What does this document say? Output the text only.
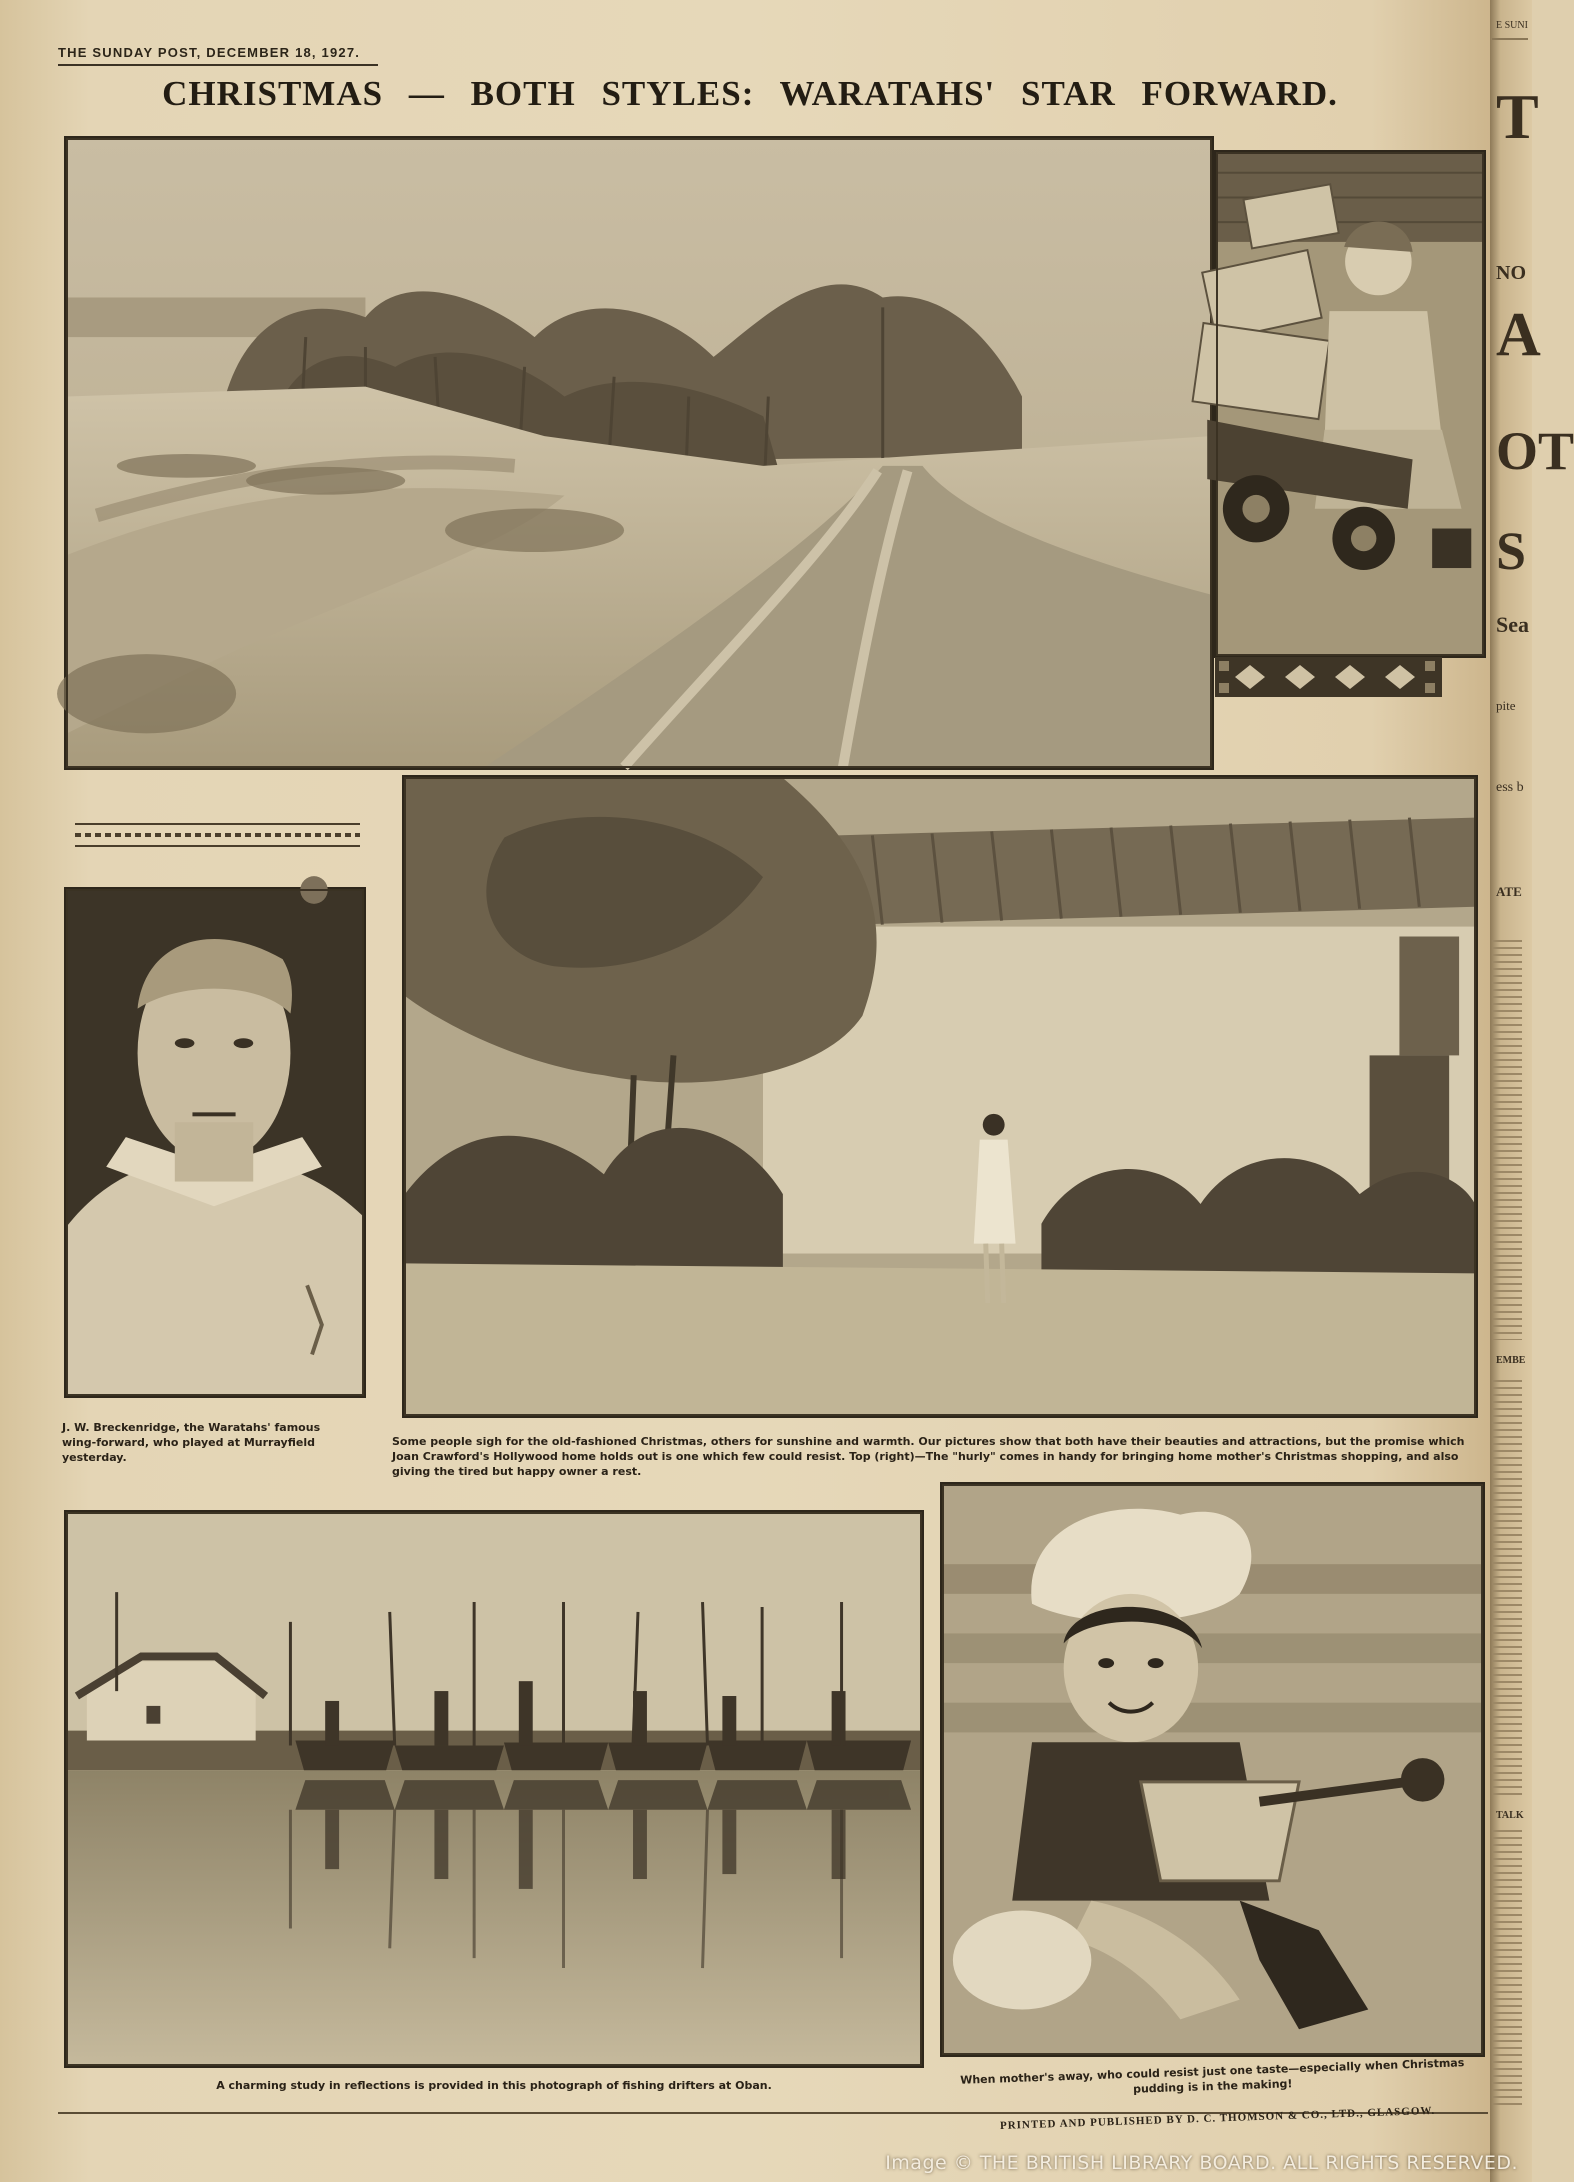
E SUNI
T
NO
A
OT
S
Sea
pite
ess b
ATE
EMBE
TALK
THE SUNDAY POST, DECEMBER 18, 1927.
CHRISTMAS — BOTH STYLES: WARATAHS' STAR FORWARD.
J. W. Breckenridge, the Waratahs' famous wing-forward, who played at Murrayfield yesterday.
Some people sigh for the old-fashioned Christmas, others for sunshine and warmth. Our pictures show that both have their beauties and attractions, but the promise which Joan Crawford's Hollywood home holds out is one which few could resist. Top (right)—The "hurly" comes in handy for bringing home mother's Christmas shopping, and also giving the tired but happy owner a rest.
A charming study in reflections is provided in this photograph of fishing drifters at Oban.	When mother's away, who could resist just one taste—especially when Christmas pudding is in the making!
PRINTED AND PUBLISHED BY D. C. THOMSON & CO., LTD., GLASGOW.
Image © THE BRITISH LIBRARY BOARD. ALL RIGHTS RESERVED.
